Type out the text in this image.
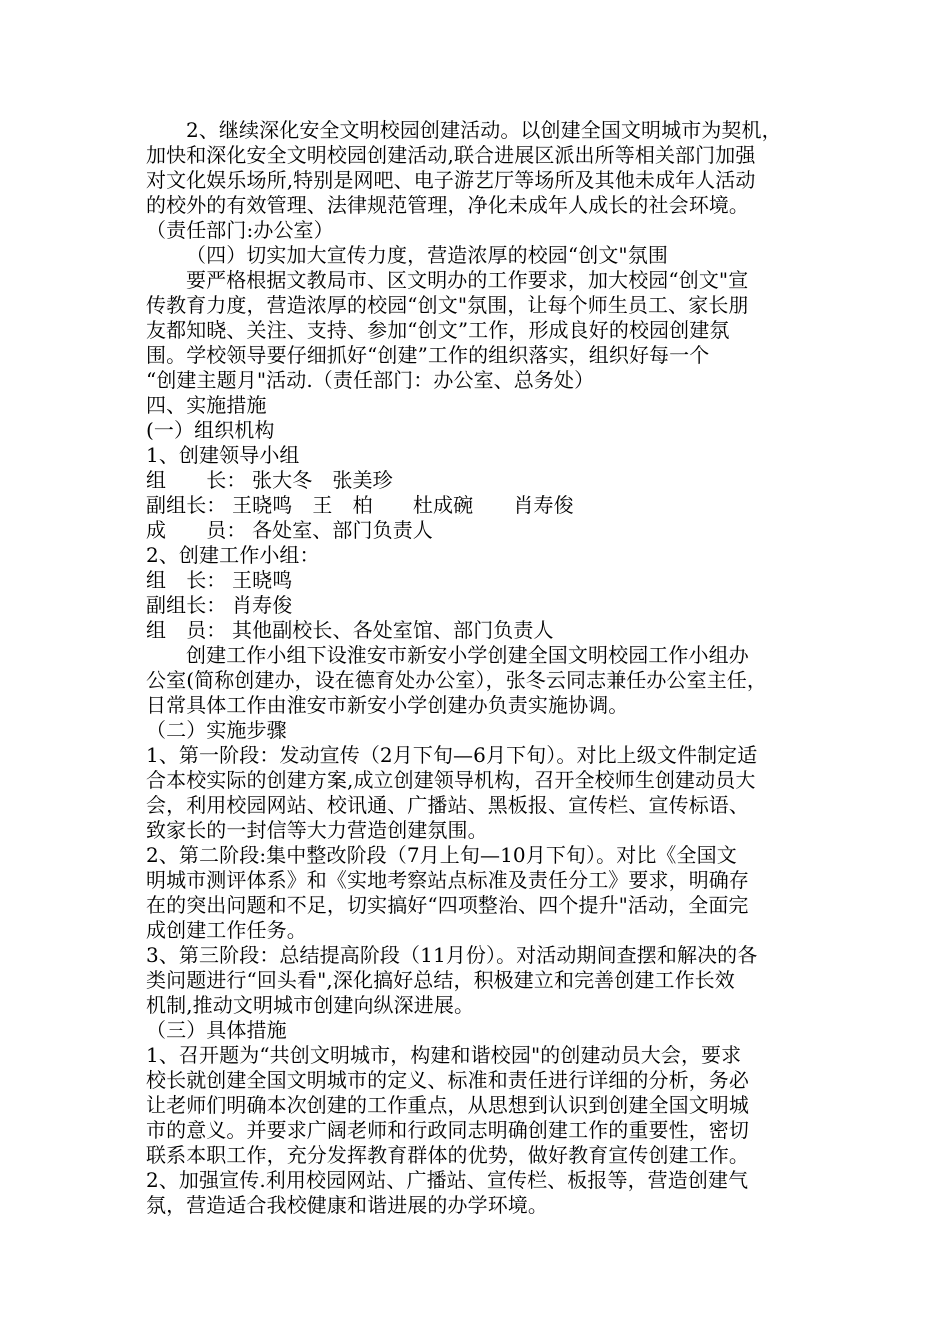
2、继续深化安全文明校园创建活动。以创建全国文明城市为契机，
加快和深化安全文明校园创建活动,联合进展区派出所等相关部门加强
对文化娱乐场所,特别是网吧、电子游艺厅等场所及其他未成年人活动
的校外的有效管理、法律规范管理，净化未成年人成长的社会环境。
（责任部门:办公室）
（四）切实加大宣传力度，营造浓厚的校园“创文"氛围
要严格根据文教局市、区文明办的工作要求，加大校园“创文"宣
传教育力度，营造浓厚的校园“创文"氛围，让每个师生员工、家长朋
友都知晓、关注、支持、参加“创文”工作，形成良好的校园创建氛
围。学校领导要仔细抓好“创建”工作的组织落实，组织好每一个
“创建主题月"活动.（责任部门：办公室、总务处）
四、实施措施
(一）组织机构
1、创建领导小组
组　　长： 张大冬　张美珍
副组长： 王晓鸣　王　柏　　杜成碗　　肖寿俊
成　　员： 各处室、部门负责人
2、创建工作小组：
组　长： 王晓鸣
副组长： 肖寿俊
组　员： 其他副校长、各处室馆、部门负责人
创建工作小组下设淮安市新安小学创建全国文明校园工作小组办
公室(简称创建办，设在德育处办公室），张冬云同志兼任办公室主任，
日常具体工作由淮安市新安小学创建办负责实施协调。
（二）实施步骤
1、第一阶段：发动宣传（2月下旬—6月下旬）。对比上级文件制定适
合本校实际的创建方案,成立创建领导机构，召开全校师生创建动员大
会，利用校园网站、校讯通、广播站、黑板报、宣传栏、宣传标语、
致家长的一封信等大力营造创建氛围。
2、第二阶段:集中整改阶段（7月上旬—10月下旬）。对比《全国文
明城市测评体系》和《实地考察站点标准及责任分工》要求，明确存
在的突出问题和不足，切实搞好“四项整治、四个提升"活动，全面完
成创建工作任务。
3、第三阶段：总结提高阶段（11月份）。对活动期间查摆和解决的各
类问题进行“回头看",深化搞好总结，积极建立和完善创建工作长效
机制,推动文明城市创建向纵深进展。
（三）具体措施
1、召开题为“共创文明城市，构建和谐校园"的创建动员大会，要求
校长就创建全国文明城市的定义、标准和责任进行详细的分析，务必
让老师们明确本次创建的工作重点，从思想到认识到创建全国文明城
市的意义。并要求广阔老师和行政同志明确创建工作的重要性，密切
联系本职工作，充分发挥教育群体的优势，做好教育宣传创建工作。
2、加强宣传.利用校园网站、广播站、宣传栏、板报等，营造创建气
氛，营造适合我校健康和谐进展的办学环境。
